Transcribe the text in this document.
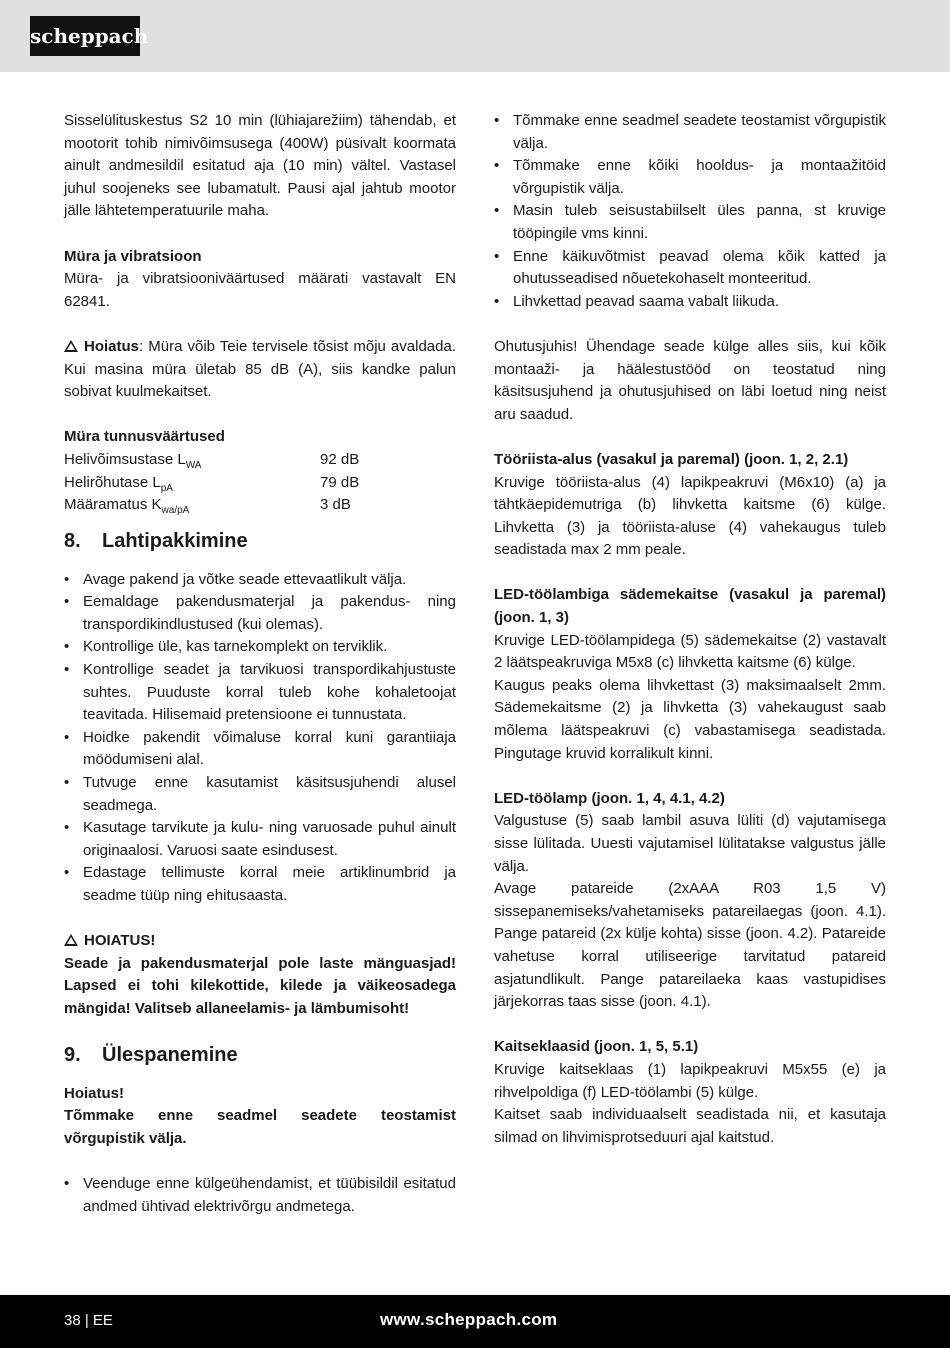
scheppach

Sisselülituskestus S2 10 min (lühiajarežiim) tähendab, et mootorit tohib nimivõimsusega (400W) püsivalt koormata ainult andmesildil esitatud aja (10 min) vältel. Vastasel juhul soojeneks see lubamatult. Pausi ajal jahtub mootor jälle lähtetemperatuurile maha.

Müra ja vibratsioon

Müra- ja vibratsiooniväärtused määrati vastavalt EN 62841.

Hoiatus: Müra võib Teie tervisele tõsist mõju avaldada. Kui masina müra ületab 85 dB (A), siis kandke palun sobivat kuulmekaitset.

Müra tunnusväärtused

Helivõimsustase $L_{WA}$	92 dB
Helirõhutase $L_{pA}$	79 dB
Määramatus $K_{wa/pA}$	3 dB
8. Lahtipakkimine
• Avage pakend ja võtke seade ettevaatlikult välja.
• Eemaldage pakendusmaterjal ja pakendus- ning transpordikindlustused (kui olemas).
• Kontrollige üle, kas tarnekomplekt on terviklik.
• Kontrollige seadet ja tarvikuosi transpordikahjustuste suhtes. Puuduste korral tuleb kohe kohaletoojat teavitada. Hilisemaid pretensioone ei tunnustata.
• Hoidke pakendit võimaluse korral kuni garantiiaja möödumiseni alal.
• Tutvuge enne kasutamist käsitsusjuhendi alusel seadmega.
• Kasutage tarvikute ja kulu- ning varuosade puhul ainult originaalosi. Varuosi saate esindusest.
• Edastage tellimuste korral meie artiklinumbrid ja seadme tüüp ning ehitusaasta.

HOIATUS!

Seade ja pakendusmaterjal pole laste mänguasjad! Lapsed ei tohi kilekottide, kilede ja väikeosadega mängida! Valitseb allaneelamis- ja lämbumisoht!

9. Ülespanemine

Hoiatus!

Tõmmake enne seadmel seadete teostamist võrgupistik välja.

• Veenduge enne külgeühendamist, et tüübisildil esitatud andmed ühtivad elektrivõrgu andmetega.
• Tõmmake enne seadmel seadete teostamist võrgupistik välja.
• Tõmmake enne kõiki hooldus- ja montaažitöid võrgupistik välja.
• Masin tuleb seisustabiilselt üles panna, st kruvige tööpingile vms kinni.
• Enne käikuvõtmist peavad olema kõik katted ja ohutusseadised nõuetekohaselt monteeritud.
• Lihvkettad peavad saama vabalt liikuda.

Ohutusjuhis! Ühendage seade külge alles siis, kui kõik montaaži- ja häälestustööd on teostatud ning käsitsusjuhend ja ohutusjuhised on läbi loetud ning neist aru saadud.

Tööriista-alus (vasakul ja paremal) (joon. 1, 2, 2.1)

Kruvige tööriista-alus (4) lapikpeakruvi (M6x10) (a) ja tähtkäepidemutriga (b) lihvketta kaitsme (6) külge. Lihvketta (3) ja tööriista-aluse (4) vahekaugus tuleb seadistada max 2 mm peale.

LED-töölambiga sädemekaitse (vasakul ja paremal) (joon. 1, 3)

Kruvige LED-töölampidega (5) sädemekaitse (2) vastavalt 2 läätspeakruviga M5x8 (c) lihvketta kaitsme (6) külge.

Kaugus peaks olema lihvkettast (3) maksimaalselt 2mm. Sädemekaitsme (2) ja lihvketta (3) vahekaugust saab mõlema läätspeakruvi (c) vabastamisega seadistada. Pingutage kruvid korralikult kinni.

LED-töölamp (joon. 1, 4, 4.1, 4.2)

Valgustuse (5) saab lambil asuva lüliti (d) vajutamisega sisse lülitada. Uuesti vajutamisel lülitatakse valgustus jälle välja.

Avage patareide (2xAAA R03 1,5 V) sissepanemiseks/vahetamiseks patareilaegas (joon. 4.1). Pange patareid (2x külje kohta) sisse (joon. 4.2). Patareide vahetuse korral utiliseerige tarvitatud patareid asjatundlikult. Pange patareilaeka kaas vastupidises järjekorras taas sisse (joon. 4.1).

Kaitseklaasid (joon. 1, 5, 5.1)

Kruvige kaitseklaas (1) lapikpeakruvi M5x55 (e) ja rihvelpoldiga (f) LED-töölambi (5) külge.

Kaitset saab individuaalselt seadistada nii, et kasutaja silmad on lihvimisprotseduuri ajal kaitstud.

38 | EE	www.scheppach.com
